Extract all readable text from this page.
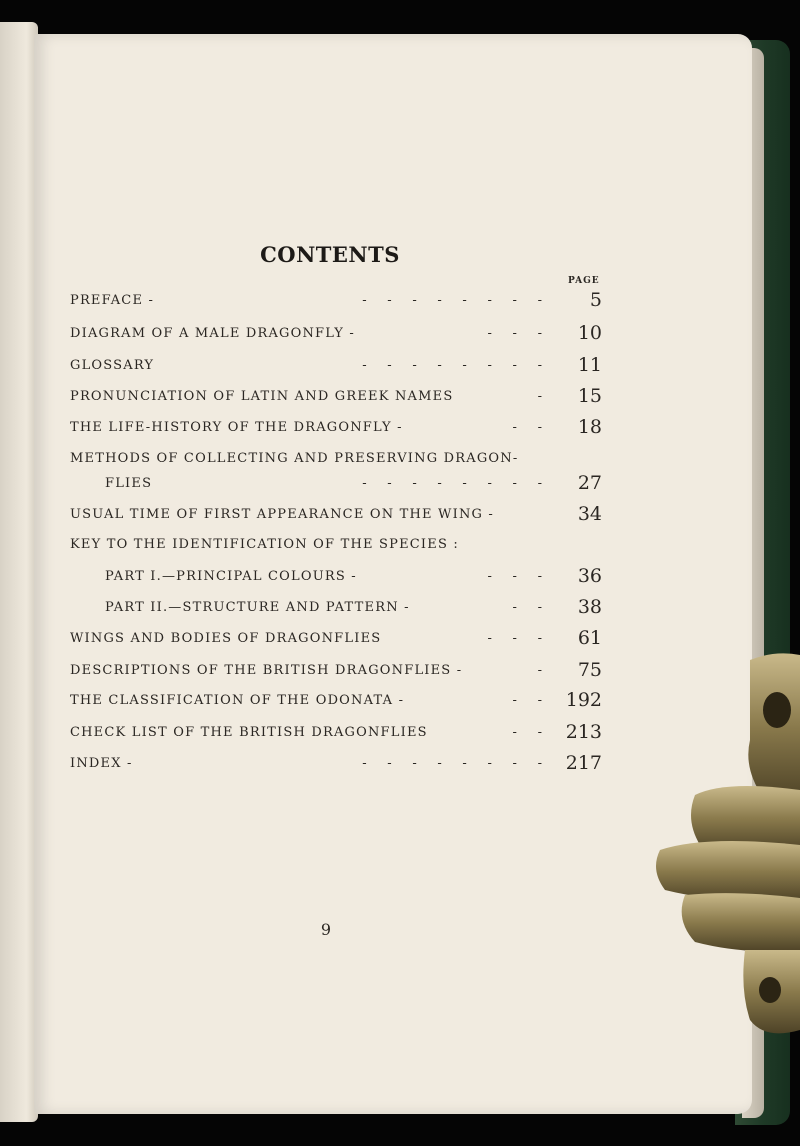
CONTENTS
PAGE
PREFACE -	-     -     -     -     -     -     -     -	5
DIAGRAM OF A MALE DRAGONFLY -	-     -     - 10
GLOSSARY	-     -     -     -     -     -     -     - 11
PRONUNCIATION OF LATIN AND GREEK NAMES	- 15
THE LIFE-HISTORY OF THE DRAGONFLY -	-     - 18
METHODS OF COLLECTING AND PRESERVING DRAGON-
FLIES	-     -     -     -     -     -     -     - 27
USUAL TIME OF FIRST APPEARANCE ON THE WING -	34
KEY TO THE IDENTIFICATION OF THE SPECIES :
PART I.—PRINCIPAL COLOURS -	-     -     - 36
PART II.—STRUCTURE AND PATTERN -	-     - 38
WINGS AND BODIES OF DRAGONFLIES	-     -     - 61
DESCRIPTIONS OF THE BRITISH DRAGONFLIES -	- 75
THE CLASSIFICATION OF THE ODONATA -	-     - 192
CHECK LIST OF THE BRITISH DRAGONFLIES	-     - 213
INDEX -	-     -     -     -     -     -     -     - 217
9
